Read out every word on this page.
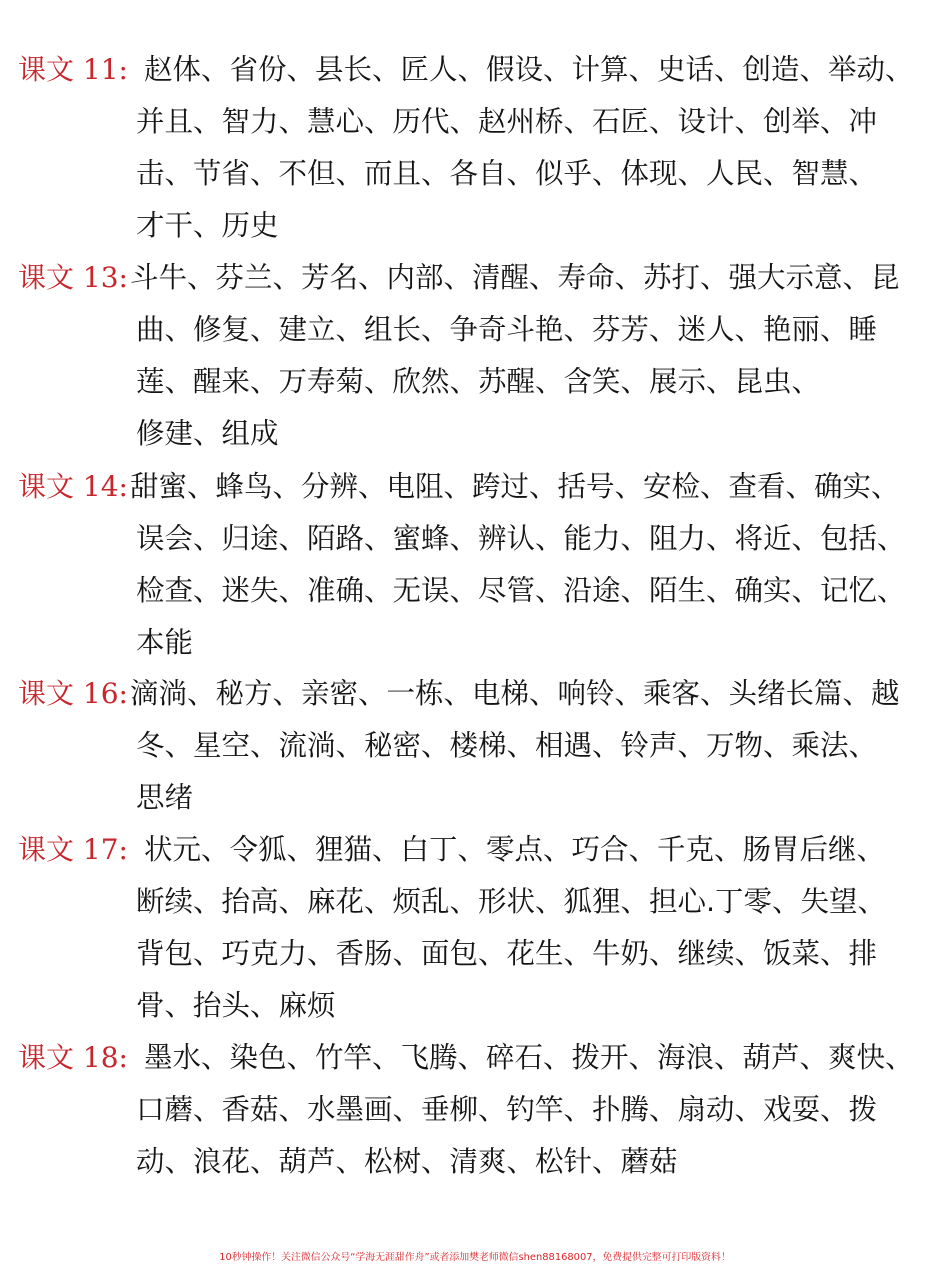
课文 11: 赵体、省份、县长、匠人、假设、计算、史话、创造、举动、
并且、智力、慧心、历代、赵州桥、石匠、设计、创举、冲
击、节省、不但、而且、各自、似乎、体现、人民、智慧、
才干、历史
课文 13: 斗牛、芬兰、芳名、内部、清醒、寿命、苏打、强大示意、昆
曲、修复、建立、组长、争奇斗艳、芬芳、迷人、艳丽、睡
莲、醒来、万寿菊、欣然、苏醒、含笑、展示、昆虫、
修建、组成
课文 14: 甜蜜、蜂鸟、分辨、电阻、跨过、括号、安检、查看、确实、
误会、归途、陌路、蜜蜂、辨认、能力、阻力、将近、包括、
检查、迷失、准确、无误、尽管、沿途、陌生、确实、记忆、
本能
课文 16: 滴淌、秘方、亲密、一栋、电梯、响铃、乘客、头绪长篇、越
冬、星空、流淌、秘密、楼梯、相遇、铃声、万物、乘法、
思绪
课文 17: 状元、令狐、狸猫、白丁、零点、巧合、千克、肠胃后继、
断续、抬高、麻花、烦乱、形状、狐狸、担心.丁零、失望、
背包、巧克力、香肠、面包、花生、牛奶、继续、饭菜、排
骨、抬头、麻烦
课文 18: 墨水、染色、竹竿、飞腾、碎石、拨开、海浪、葫芦、爽快、
口蘑、香菇、水墨画、垂柳、钓竿、扑腾、扇动、戏耍、拨
动、浪花、葫芦、松树、清爽、松针、蘑菇
10秒钟操作！关注微信公众号“学海无涯甜作舟”或者添加樊老师微信shen88168007，免费提供完整可打印版资料！
